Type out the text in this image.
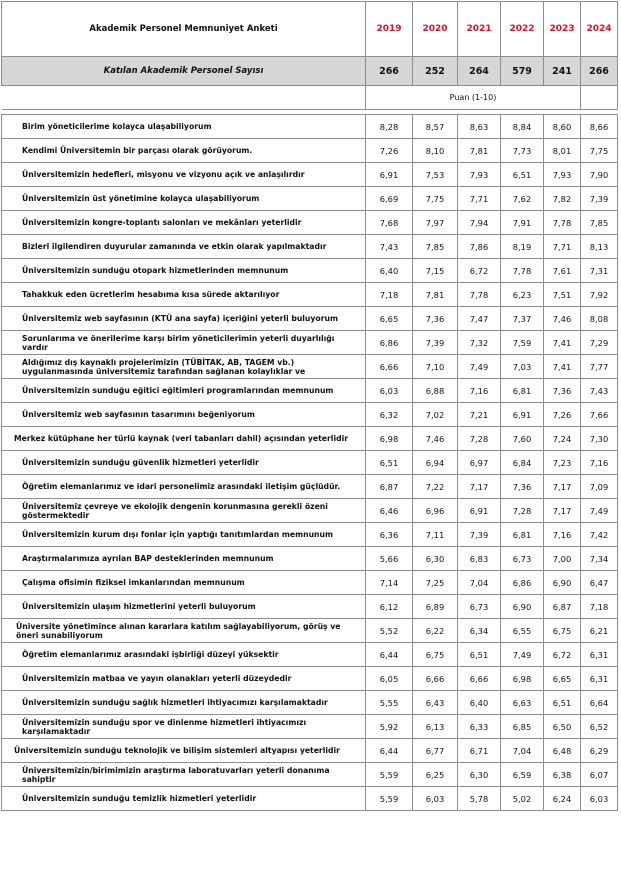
Akademik Personel Memnuniyet Anketi	2019	2020	2021	2022	2023	2024
Katılan Akademik Personel Sayısı	266	252	264	579	241	266
	Puan (1-10)					

Birim yöneticilerime kolayca ulaşabiliyorum	8,28	8,57	8,63	8,84	8,60	8,66
Kendimi Üniversitemin bir parçası olarak görüyorum.	7,26	8,10	7,81	7,73	8,01	7,75
Üniversitemizin hedefleri, misyonu ve vizyonu açık ve anlaşılırdır	6,91	7,53	7,93	6,51	7,93	7,90
Üniversitemizin üst yönetimine kolayca ulaşabiliyorum	6,69	7,75	7,71	7,62	7,82	7,39
Üniversitemizin kongre-toplantı salonları ve mekânları yeterlidir	7,68	7,97	7,94	7,91	7,78	7,85
Bizleri ilgilendiren duyurular zamanında ve etkin olarak yapılmaktadır	7,43	7,85	7,86	8,19	7,71	8,13
Üniversitemizin sunduğu otopark hizmetlerinden memnunum	6,40	7,15	6,72	7,78	7,61	7,31
Tahakkuk eden ücretlerim hesabıma kısa sürede aktarılıyor	7,18	7,81	7,78	6,23	7,51	7,92
Üniversitemiz web sayfasının (KTÜ ana sayfa) içeriğini yeterli buluyorum	6,65	7,36	7,47	7,37	7,46	8,08
Sorunlarıma ve önerilerime karşı birim yöneticilerimin yeterli duyarlılığı vardır	6,86	7,39	7,32	7,59	7,41	7,29
Aldığımız dış kaynaklı projelerimizin (TÜBİTAK, AB, TAGEM vb.) uygulanmasında üniversitemiz tarafından sağlanan kolaylıklar ve	6,66	7,10	7,49	7,03	7,41	7,77
Üniversitemizin sunduğu eğitici eğitimleri programlarından memnunum	6,03	6,88	7,16	6,81	7,36	7,43
Üniversitemiz web sayfasının tasarımını beğeniyorum	6,32	7,02	7,21	6,91	7,26	7,66
Merkez kütüphane her türlü kaynak (veri tabanları dahil) açısından yeterlidir	6,98	7,46	7,28	7,60	7,24	7,30
Üniversitemizin sunduğu güvenlik hizmetleri yeterlidir	6,51	6,94	6,97	6,84	7,23	7,16
Öğretim elemanlarımız ve idari personelimiz arasındaki iletişim güçlüdür.	6,87	7,22	7,17	7,36	7,17	7,09
Üniversitemiz çevreye ve ekolojik dengenin korunmasına gerekli özeni göstermektedir	6,46	6,96	6,91	7,28	7,17	7,49
Üniversitemizin kurum dışı fonlar için yaptığı tanıtımlardan memnunum	6,36	7,11	7,39	6,81	7,16	7,42
Araştırmalarımıza ayrılan BAP desteklerinden memnunum	5,66	6,30	6,83	6,73	7,00	7,34
Çalışma ofisimin fiziksel imkanlarından memnunum	7,14	7,25	7,04	6,86	6,90	6,47
Üniversitemizin ulaşım hizmetlerini yeterli buluyorum	6,12	6,89	6,73	6,90	6,87	7,18
Üniversite yönetimince alınan kararlara katılım sağlayabiliyorum, görüş ve öneri sunabiliyorum	5,52	6,22	6,34	6,55	6,75	6,21
Öğretim elemanlarımız arasındaki işbirliği düzeyi yüksektir	6,44	6,75	6,51	7,49	6,72	6,31
Üniversitemizin matbaa ve yayın olanakları yeterli düzeydedir	6,05	6,66	6,66	6,98	6,65	6,31
Üniversitemizin sunduğu sağlık hizmetleri ihtiyacımızı karşılamaktadır	5,55	6,43	6,40	6,63	6,51	6,64
Üniversitemizin sunduğu spor ve dinlenme hizmetleri ihtiyacımızı karşılamaktadır	5,92	6,13	6,33	6,85	6,50	6,52
Üniversitemizin sunduğu teknolojik ve bilişim sistemleri altyapısı yeterlidir	6,44	6,77	6,71	7,04	6,48	6,29
Üniversitemizin/birimimizin araştırma laboratuvarları yeterli donanıma sahiptir	5,59	6,25	6,30	6,59	6,38	6,07
Üniversitemizin sunduğu temizlik hizmetleri yeterlidir	5,59	6,03	5,78	5,02	6,24	6,03
